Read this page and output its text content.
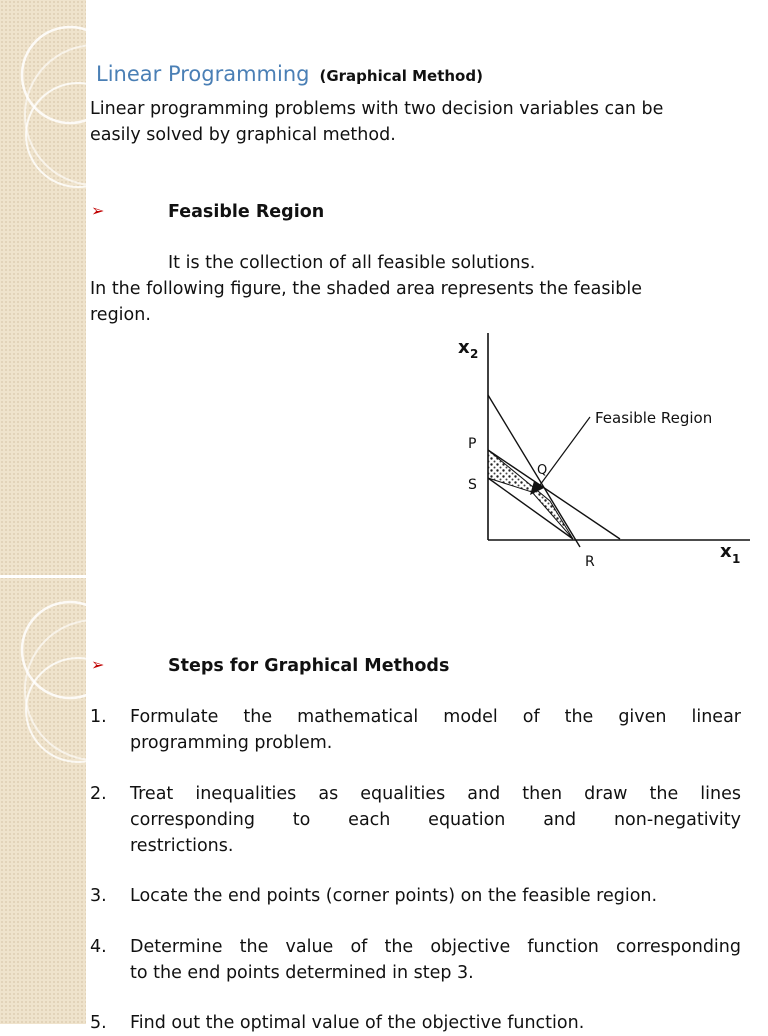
Linear Programming (Graphical Method)
Linear programming problems with two decision variables can be
easily solved by graphical method.
➢	Feasible Region
It is the collection of all feasible solutions.
In the following figure, the shaded area represents the feasible
region.
x 2
x 1
P
S
Q
R
Feasible Region
➢	Steps for Graphical Methods
1. Formulate the mathematical model of the given linear
programming problem.
2. Treat inequalities as equalities and then draw the lines
corresponding to each equation and non-negativity
restrictions.
3. Locate the end points (corner points) on the feasible region.
4. Determine the value of the objective function corresponding
to the end points determined in step 3.
5. Find out the optimal value of the objective function.
